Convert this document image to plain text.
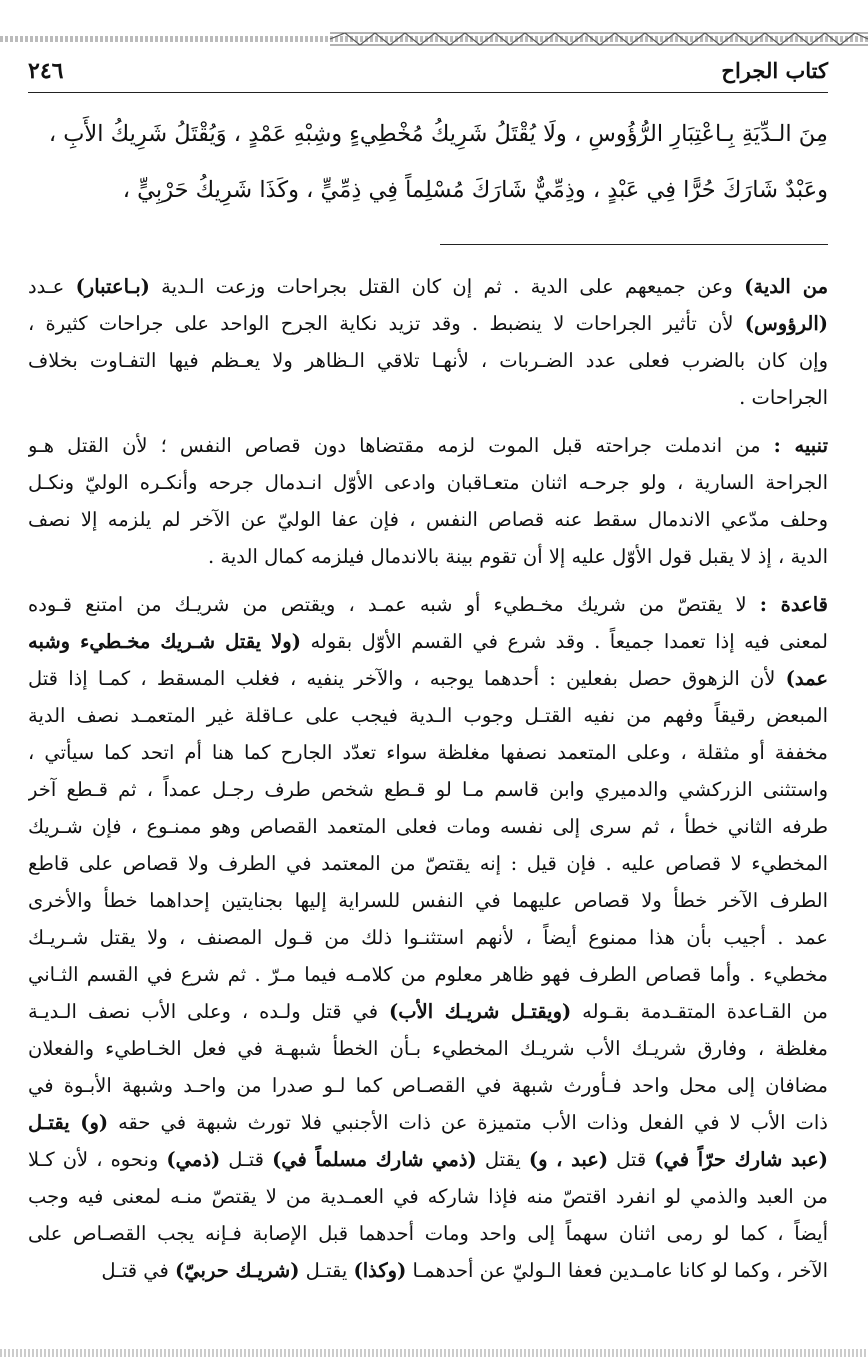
كتاب الجراح
٢٤٦
مِنَ الـدِّيَةِ بِـاعْتِبَارِ الرُّؤُوسِ ، ولَا يُقْتَلُ شَرِيكُ مُخْطِيءٍ وشِبْهِ عَمْدٍ ، وَيُقْتَلُ شَرِيكُ الأَبِ ،
وعَبْدٌ شَارَكَ حُرًّا فِي عَبْدٍ ، وذِمِّيٌّ شَارَكَ مُسْلِماً فِي ذِمِّيٍّ ، وكَذَا شَرِيكُ حَرْبِيٍّ ،
من الدية) وعن جميعهم على الدية . ثم إن كان القتل بجراحات وزعت الـدية (بـاعتبار) عـدد
(الرؤوس) لأن تأثير الجراحات لا ينضبط . وقد تزيد نكاية الجرح الواحد على جراحات كثيرة ،
وإن كان بالضرب فعلى عدد الضـربات ، لأنهـا تلاقي الـظاهر ولا يعـظم فيها التفـاوت بخلاف
الجراحات .
تنبيه : من اندملت جراحته قبل الموت لزمه مقتضاها دون قصاص النفس ؛ لأن القتل هـو
الجراحة السارية ، ولو جرحـه اثنان متعـاقبان وادعى الأوّل انـدمال جرحه وأنكـره الوليّ ونكـل
وحلف مدّعي الاندمال سقط عنه قصاص النفس ، فإن عفا الوليّ عن الآخر لم يلزمه إلا نصف
الدية ، إذ لا يقبل قول الأوّل عليه إلا أن تقوم بينة بالاندمال فيلزمه كمال الدية .
قاعدة : لا يقتصّ من شريك مخـطيء أو شبه عمـد ، ويقتص من شريـك من امتنع قـوده
لمعنى فيه إذا تعمدا جميعاً . وقد شرع في القسم الأوّل بقوله (ولا يقتل شـريك مخـطيء وشبه
عمد) لأن الزهوق حصل بفعلين : أحدهما يوجبه ، والآخر ينفيه ، فغلب المسقط ، كمـا إذا قتل
المبعض رقيقاً وفهم من نفيه القتـل وجوب الـدية فيجب على عـاقلة غير المتعمـد نصف الدية
مخففة أو مثقلة ، وعلى المتعمد نصفها مغلظة سواء تعدّد الجارح كما هنا أم اتحد كما سيأتي ،
واستثنى الزركشي والدميري وابن قاسم مـا لو قـطع شخص طرف رجـل عمداً ، ثم قـطع آخر
طرفه الثاني خطأ ، ثم سرى إلى نفسه ومات فعلى المتعمد القصاص وهو ممنـوع ، فإن شـريك
المخطيء لا قصاص عليه . فإن قيل : إنه يقتصّ من المعتمد في الطرف ولا قصاص على قاطع
الطرف الآخر خطأ ولا قصاص عليهما في النفس للسراية إليها بجنايتين إحداهما خطأ والأخرى
عمد . أجيب بأن هذا ممنوع أيضاً ، لأنهم استثنـوا ذلك من قـول المصنف ، ولا يقتل شـريـك
مخطيء . وأما قصاص الطرف فهو ظاهر معلوم من كلامـه فيما مـرّ . ثم شرع في القسم الثـاني
من القـاعدة المتقـدمة بقـوله (ويقتـل شريـك الأب) في قتل ولـده ، وعلى الأب نصف الـديـة
مغلظة ، وفارق شريـك الأب شريـك المخطيء بـأن الخطأ شبهـة في فعل الخـاطيء والفعلان
مضافان إلى محل واحد فـأورث شبهة في القصـاص كما لـو صدرا من واحـد وشبهة الأبـوة في
ذات الأب لا في الفعل وذات الأب متميزة عن ذات الأجنبي فلا تورث شبهة في حقه (و) يقتـل
(عبد شارك حرّاً في) قتل (عبد ، و) يقتل (ذمي شارك مسلماً في) قتـل (ذمي) ونحوه ، لأن كـلا
من العبد والذمي لو انفرد اقتصّ منه فإذا شاركه في العمـدية من لا يقتصّ منـه لمعنى فيه وجب
أيضاً ، كما لو رمى اثنان سهماً إلى واحد ومات أحدهما قبل الإصابة فـإنه يجب القصـاص على
الآخر ، وكما لو كانا عامـدين فعفا الـوليّ عن أحدهمـا (وكذا) يقتـل (شريـك حربيّ) في قتـل
